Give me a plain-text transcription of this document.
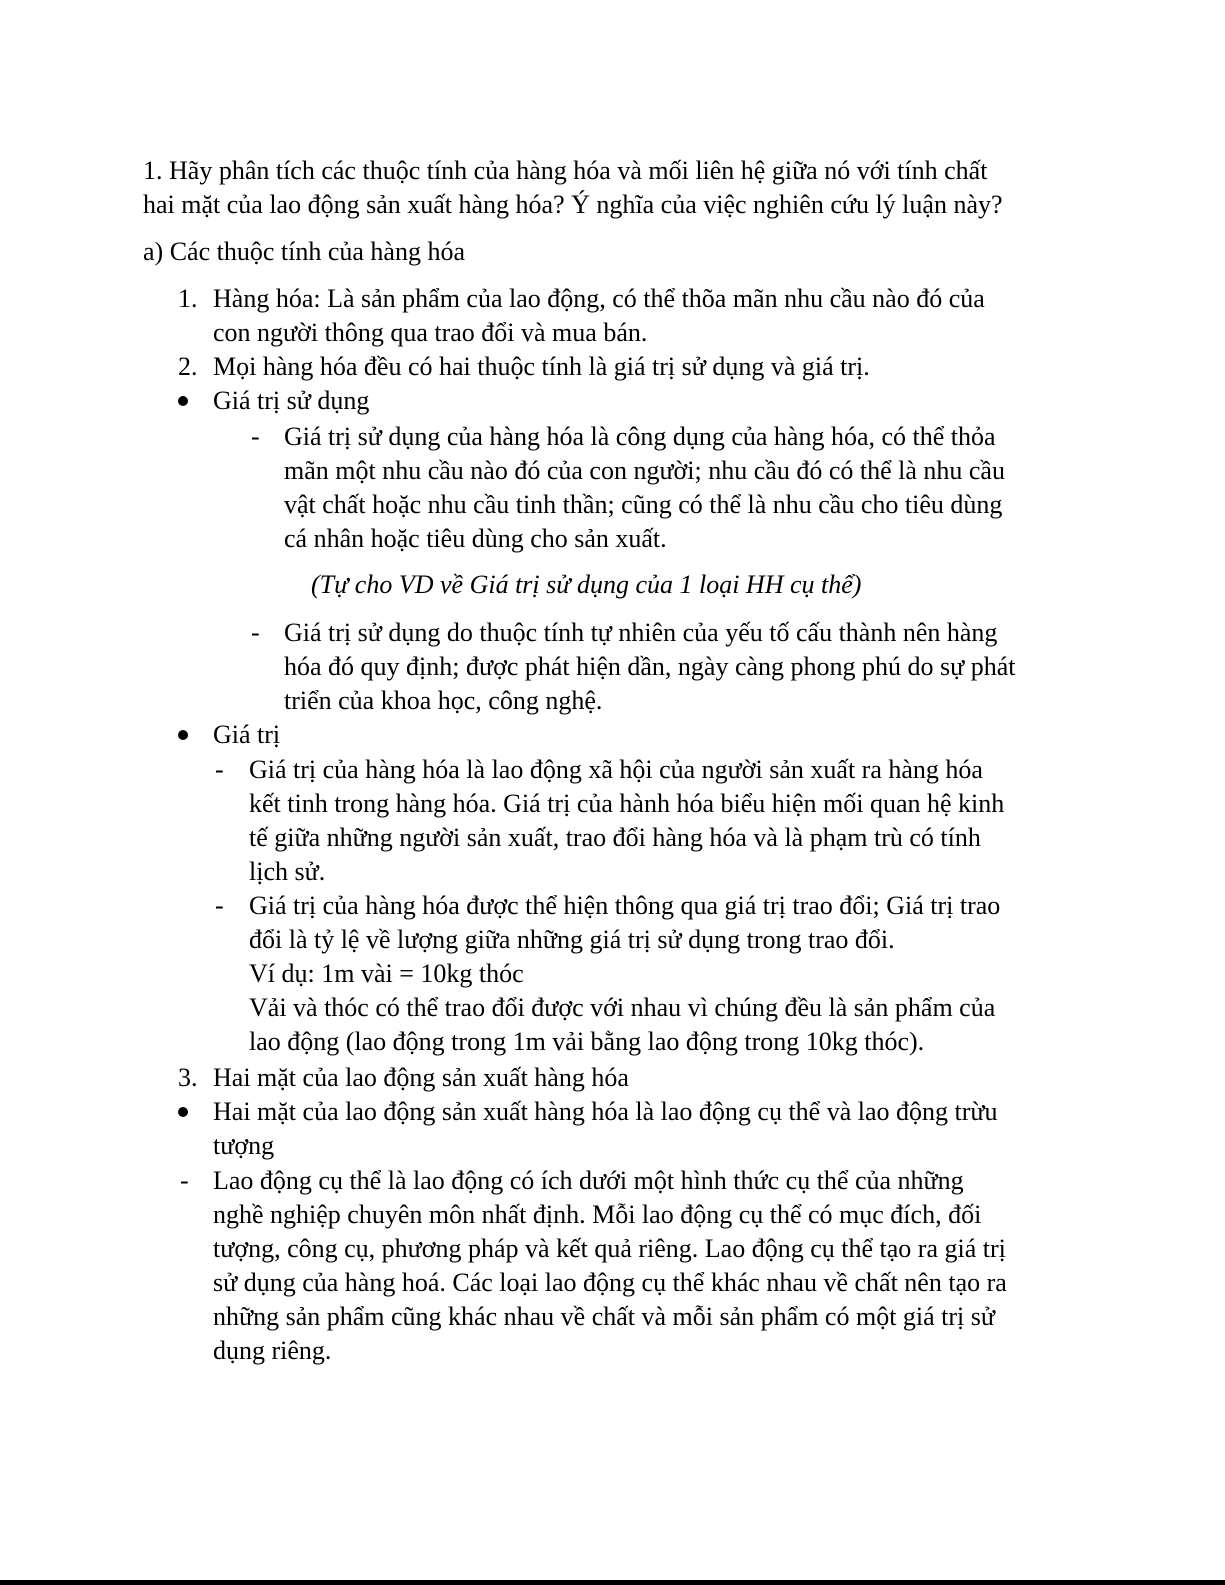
1. Hãy phân tích các thuộc tính của hàng hóa và mối liên hệ giữa nó với tính chất
hai mặt của lao động sản xuất hàng hóa? Ý nghĩa của việc nghiên cứu lý luận này?
a) Các thuộc tính của hàng hóa
1. Hàng hóa: Là sản phẩm của lao động, có thể thõa mãn nhu cầu nào đó của
con người thông qua trao đổi và mua bán.
2. Mọi hàng hóa đều có hai thuộc tính là giá trị sử dụng và giá trị.
Giá trị sử dụng
- Giá trị sử dụng của hàng hóa là công dụng của hàng hóa, có thể thỏa
mãn một nhu cầu nào đó của con người; nhu cầu đó có thể là nhu cầu
vật chất hoặc nhu cầu tinh thần; cũng có thể là nhu cầu cho tiêu dùng
cá nhân hoặc tiêu dùng cho sản xuất.
(Tự cho VD về Giá trị sử dụng của 1 loại HH cụ thể)
- Giá trị sử dụng do thuộc tính tự nhiên của yếu tố cấu thành nên hàng
hóa đó quy định; được phát hiện dần, ngày càng phong phú do sự phát
triển của khoa học, công nghệ.
Giá trị
- Giá trị của hàng hóa là lao động xã hội của người sản xuất ra hàng hóa
kết tinh trong hàng hóa. Giá trị của hành hóa biểu hiện mối quan hệ kinh
tế giữa những người sản xuất, trao đổi hàng hóa và là phạm trù có tính
lịch sử.
- Giá trị của hàng hóa được thể hiện thông qua giá trị trao đổi; Giá trị trao
đổi là tỷ lệ về lượng giữa những giá trị sử dụng trong trao đổi.
Ví dụ: 1m vài = 10kg thóc
Vải và thóc có thể trao đổi được với nhau vì chúng đều là sản phẩm của
lao động (lao động trong 1m vải bằng lao động trong 10kg thóc).
3. Hai mặt của lao động sản xuất hàng hóa
Hai mặt của lao động sản xuất hàng hóa là lao động cụ thể và lao động trừu
tượng
- Lao động cụ thể là lao động có ích dưới một hình thức cụ thể của những
nghề nghiệp chuyên môn nhất định. Mỗi lao động cụ thể có mục đích, đối
tượng, công cụ, phương pháp và kết quả riêng. Lao động cụ thể tạo ra giá trị
sử dụng của hàng hoá. Các loại lao động cụ thể khác nhau về chất nên tạo ra
những sản phẩm cũng khác nhau về chất và mỗi sản phẩm có một giá trị sử
dụng riêng.
